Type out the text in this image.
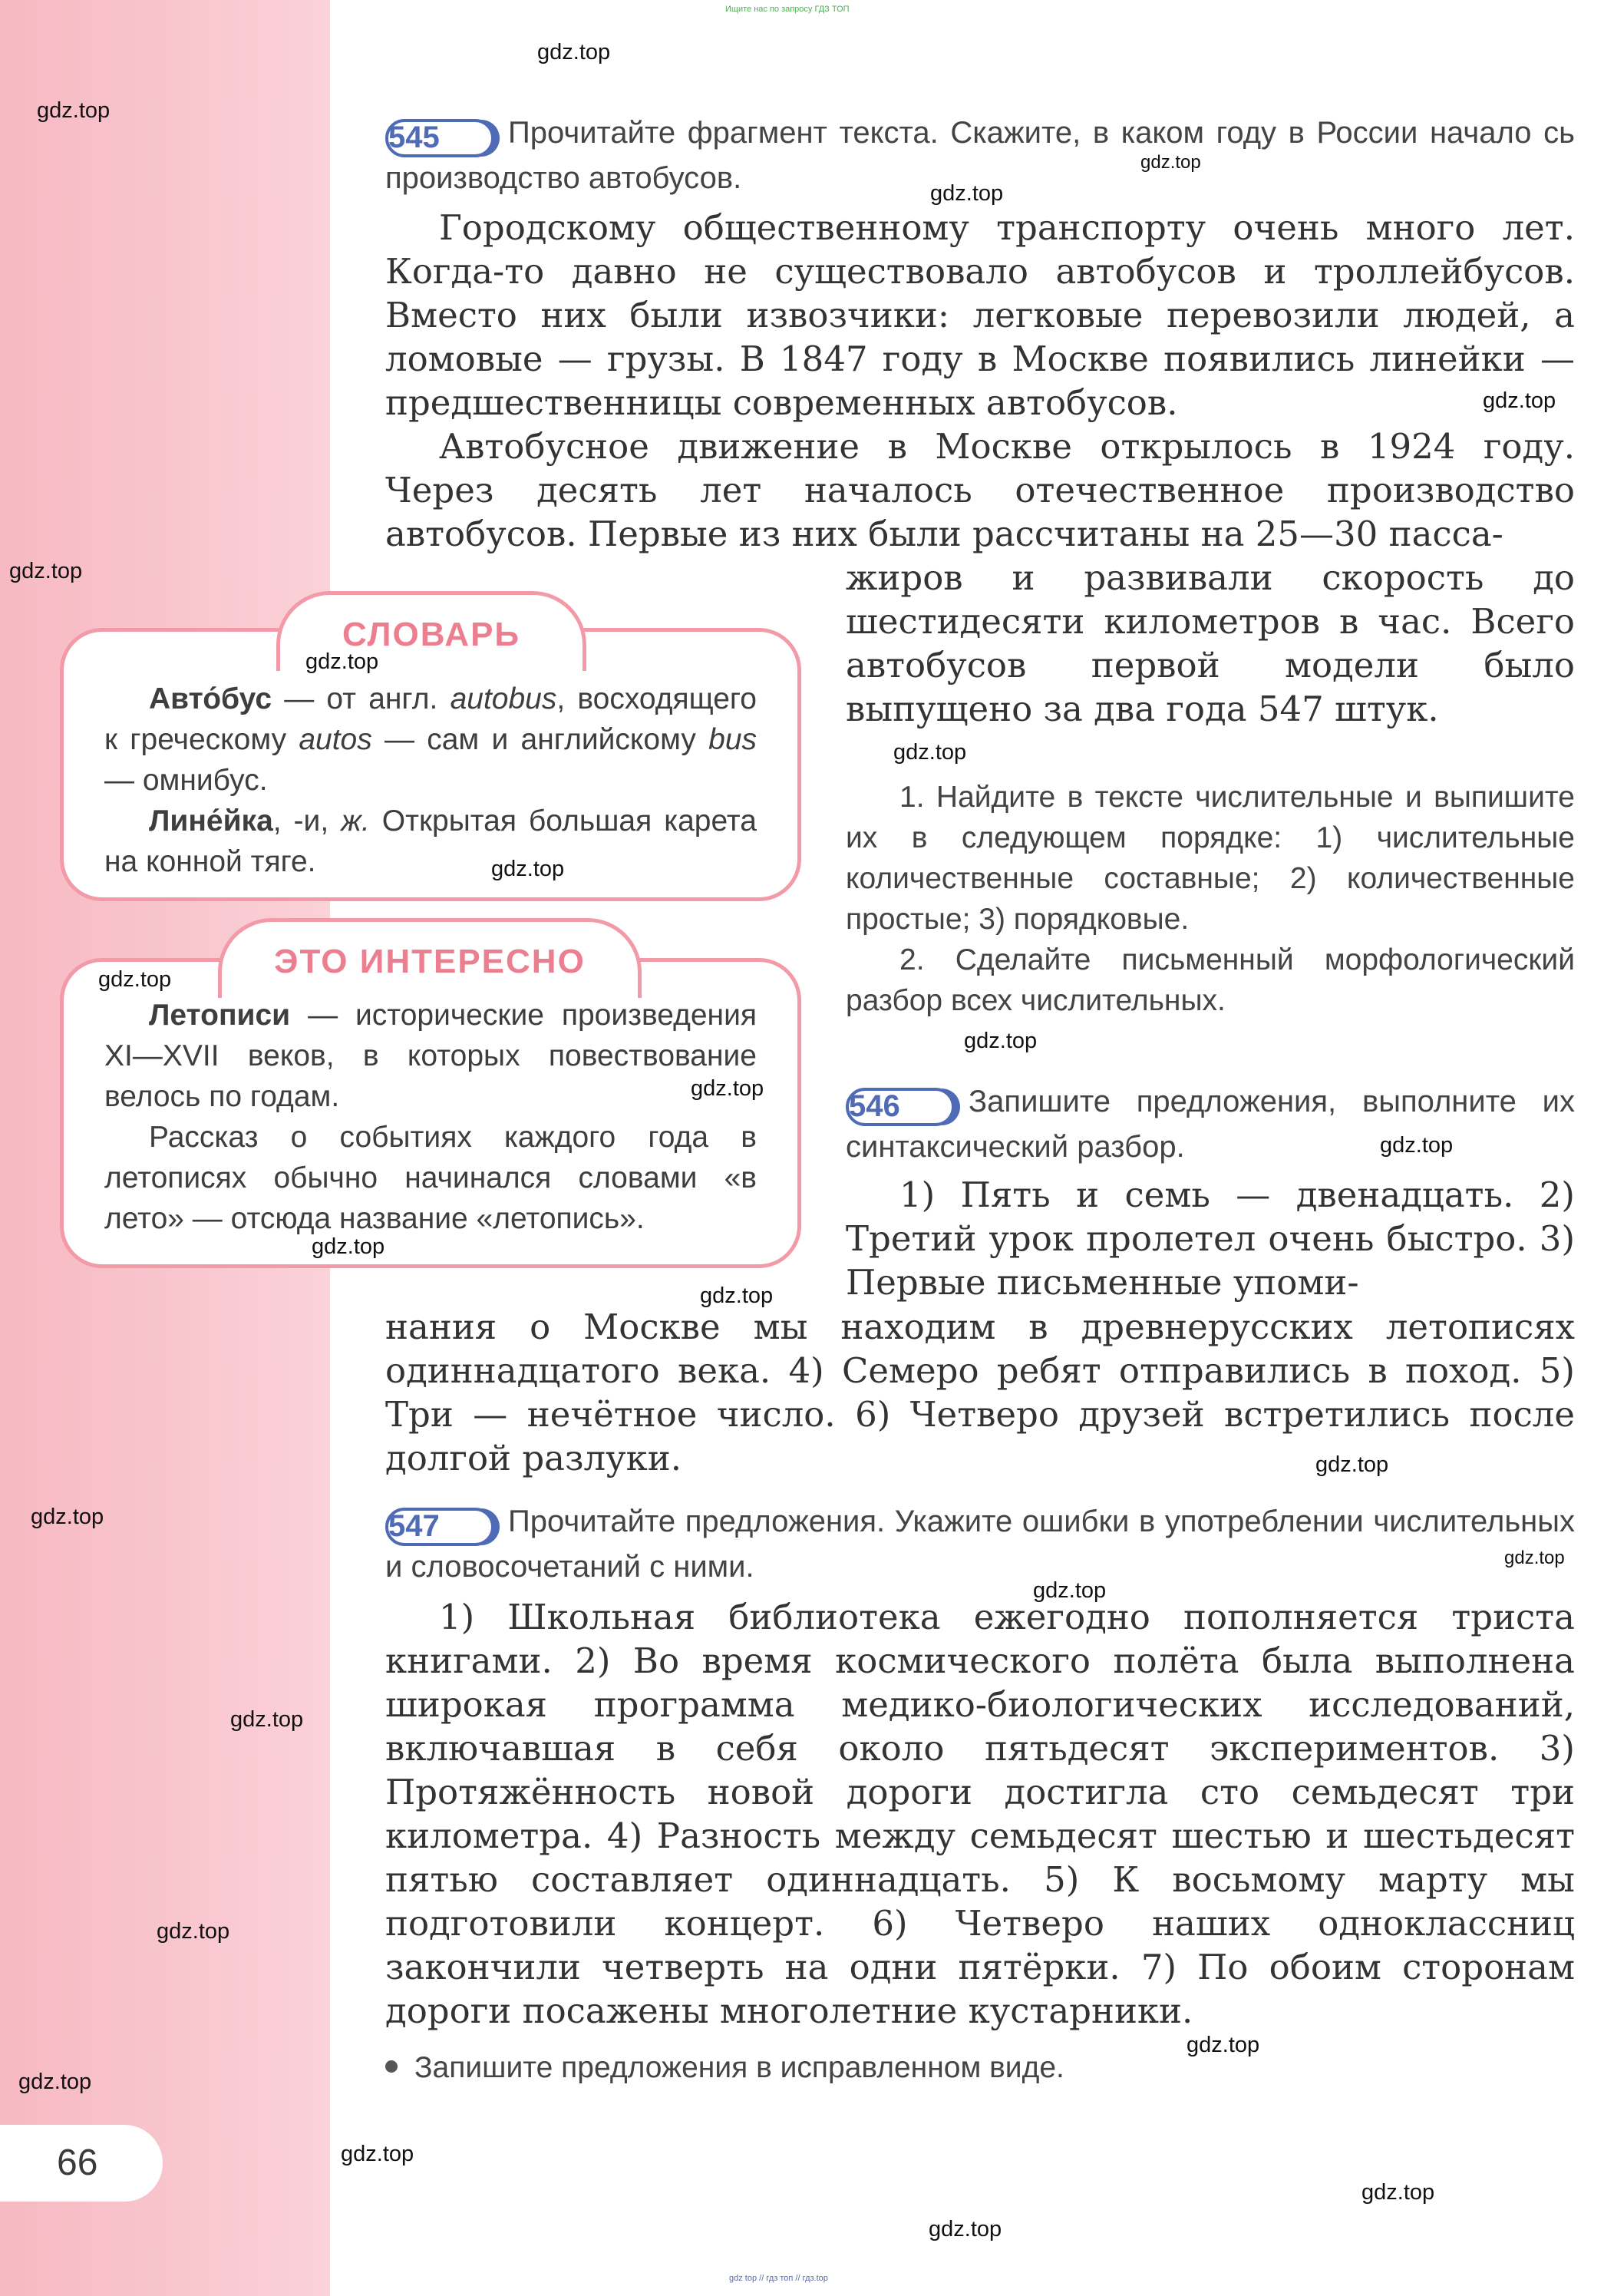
Ищите нас по запросу ГДЗ ТОП
545 Прочитайте фрагмент текста. Скажите, в каком году в России начало сь производство автобусов.

Городскому общественному транспорту очень много лет. Когда-то давно не существовало автобусов и троллейбусов. Вместо них были извозчики: легковые перевозили людей, а ломовые — грузы. В 1847 году в Москве появились линейки — предшественницы современных автобусов.

Автобусное движение в Москве открылось в 1924 году. Через десять лет началось отечественное производство автобусов. Первые из них были рассчитаны на 25—30 пасса-

жиров и развивали скорость до шестидесяти километров в час. Всего автобусов первой модели было выпущено за два года 547 штук.

1. Найдите в тексте числительные и выпишите их в следующем порядке: 1) числительные количественные составные; 2) количественные простые; 3) порядковые.

2. Сделайте письменный морфологический разбор всех числительных.

СЛОВАРЬ

Авто́бус — от англ. autobus, восходящего к греческому autos — сам и английскому bus — омнибус.

Лине́йка, -и, ж. Открытая большая карета на конной тяге.

ЭТО ИНТЕРЕСНО

Летописи — исторические произведения XI—XVII веков, в которых повествование велось по годам.

Рассказ о событиях каждого года в летописях обычно начинался словами «в лето» — отсюда название «летопись».

546 Запишите предложения, выполните их синтаксический разбор.

1) Пять и семь — двенадцать. 2) Третий урок пролетел очень быстро. 3) Первые письменные упоми-

нания о Москве мы находим в древнерусских летописях одиннадцатого века. 4) Семеро ребят отправились в поход. 5) Три — нечётное число. 6) Четверо друзей встретились после долгой разлуки.
547 Прочитайте предложения. Укажите ошибки в употреблении числительных и словосочетаний с ними.

1) Школьная библиотека ежегодно пополняется триста книгами. 2) Во время космического полёта была выполнена широкая программа медико-биологических исследований, включавшая в себя около пятьдесят экспериментов. 3) Протяжённость новой дороги достигла сто семьдесят три километра. 4) Разность между семьдесят шестью и шестьдесят пятью составляет одиннадцать. 5) К восьмому марту мы подготовили концерт. 6) Четверо наших одноклассниц закончили четверть на одни пятёрки. 7) По обоим сторонам дороги посажены многолетние кустарники.

Запишите предложения в исправленном виде.
66
gdz top // гдз топ // гдз.top
gdz.top
gdz.top
gdz.top
gdz.top
gdz.top
gdz.top
gdz.top
gdz.top
gdz.top
gdz.top
gdz.top
gdz.top
gdz.top
gdz.top
gdz.top
gdz.top
gdz.top
gdz.top
gdz.top
gdz.top
gdz.top
gdz.top
gdz.top
gdz.top
gdz.top
gdz.top
